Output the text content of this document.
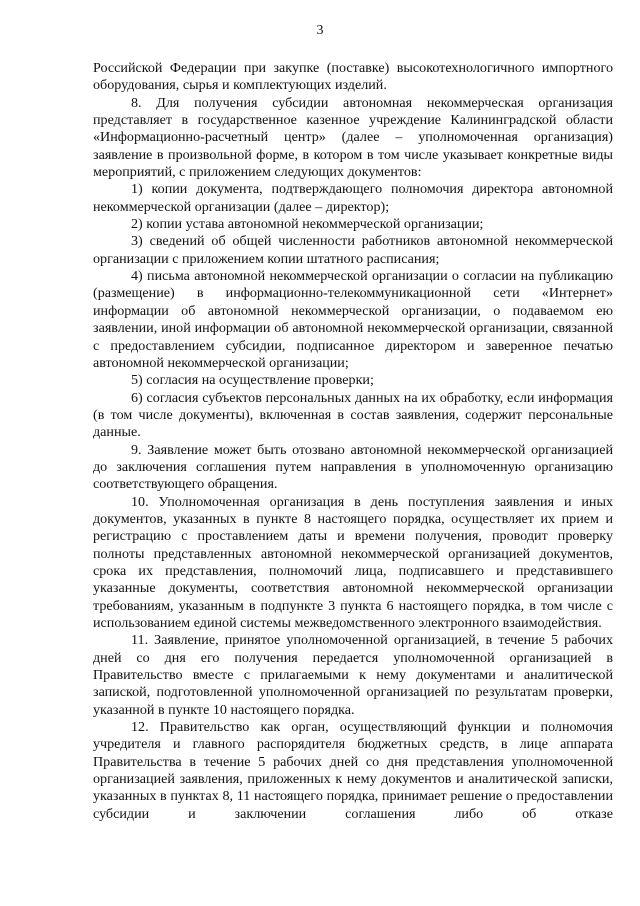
3

Российской Федерации при закупке (поставке) высокотехнологичного импортного оборудования, сырья и комплектующих изделий.

8. Для получения субсидии автономная некоммерческая организация представляет в государственное казенное учреждение Калининградской области «Информационно-расчетный центр» (далее – уполномоченная организация) заявление в произвольной форме, в котором в том числе указывает конкретные виды мероприятий, с приложением следующих документов:

1) копии документа, подтверждающего полномочия директора автономной некоммерческой организации (далее – директор);

2) копии устава автономной некоммерческой организации;

3) сведений об общей численности работников автономной некоммерческой организации с приложением копии штатного расписания;

4) письма автономной некоммерческой организации о согласии на публикацию (размещение) в информационно-телекоммуникационной сети «Интернет» информации об автономной некоммерческой организации, о подаваемом ею заявлении, иной информации об автономной некоммерческой организации, связанной с предоставлением субсидии, подписанное директором и заверенное печатью автономной некоммерческой организации;

5) согласия на осуществление проверки;

6) согласия субъектов персональных данных на их обработку, если информация (в том числе документы), включенная в состав заявления, содержит персональные данные.

9. Заявление может быть отозвано автономной некоммерческой организацией до заключения соглашения путем направления в уполномоченную организацию соответствующего обращения.

10. Уполномоченная организация в день поступления заявления и иных документов, указанных в пункте 8 настоящего порядка, осуществляет их прием и регистрацию с проставлением даты и времени получения, проводит проверку полноты представленных автономной некоммерческой организацией документов, срока их представления, полномочий лица, подписавшего и представившего указанные документы, соответствия автономной некоммерческой организации требованиям, указанным в подпункте 3 пункта 6 настоящего порядка, в том числе с использованием единой системы межведомственного электронного взаимодействия.

11. Заявление, принятое уполномоченной организацией, в течение 5 рабочих дней со дня его получения передается уполномоченной организацией в Правительство вместе с прилагаемыми к нему документами и аналитической запиской, подготовленной уполномоченной организацией по результатам проверки, указанной в пункте 10 настоящего порядка.

12. Правительство как орган, осуществляющий функции и полномочия учредителя и главного распорядителя бюджетных средств, в лице аппарата Правительства в течение 5 рабочих дней со дня представления уполномоченной организацией заявления, приложенных к нему документов и аналитической записки, указанных в пунктах 8, 11 настоящего порядка, принимает решение о предоставлении субсидии и заключении соглашения либо об отказе
